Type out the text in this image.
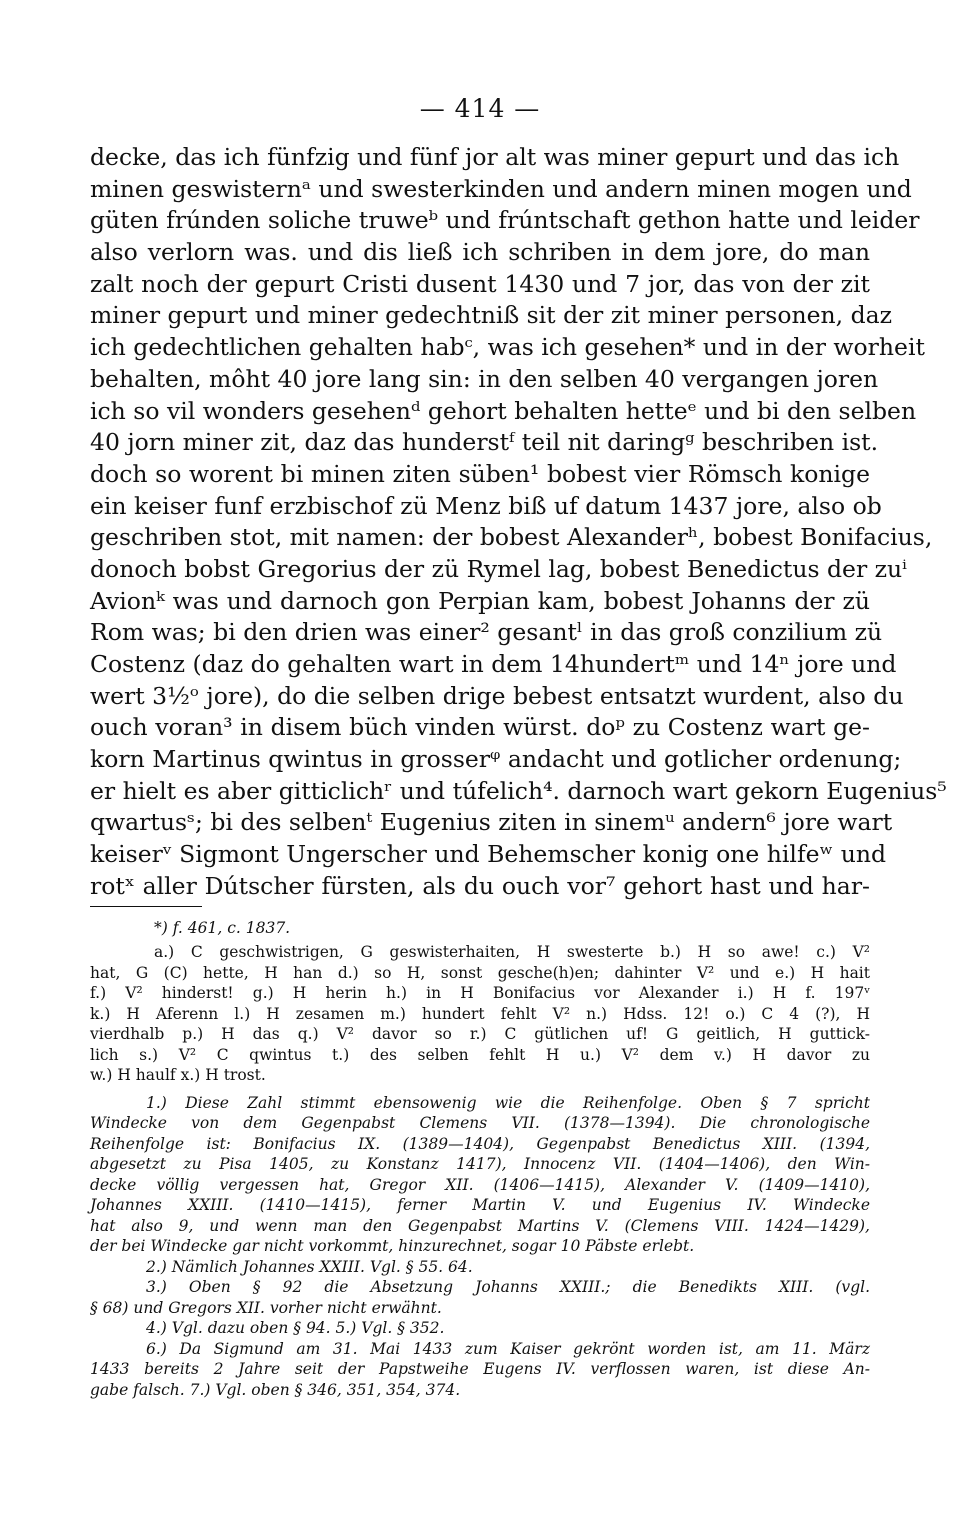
— 414 —
decke, das ich fünfzig und fünf jor alt was miner gepurt und das ich
minen geswisternᵃ und swesterkinden und andern minen mogen und
güten frúnden soliche truweᵇ und frúntschaft gethon hatte und leider
also verlorn was. und dis ließ ich schriben in dem jore, do man
zalt noch der gepurt Cristi dusent 1430 und 7 jor, das von der zit
miner gepurt und miner gedechtniß sit der zit miner personen, daz
ich gedechtlichen gehalten habᶜ, was ich gesehen* und in der worheit
behalten, môht 40 jore lang sin: in den selben 40 vergangen joren
ich so vil wonders gesehenᵈ gehort behalten hetteᵉ und bi den selben
40 jorn miner zit, daz das hunderstᶠ teil nit daringᵍ beschriben ist.
doch so worent bi minen ziten süben¹ bobest vier Römsch konige
ein keiser funf erzbischof zü Menz biß uf datum 1437 jore, also ob
geschriben stot, mit namen: der bobest Alexanderʰ, bobest Bonifacius,
donoch bobst Gregorius der zü Rymel lag, bobest Benedictus der zuⁱ
Avionᵏ was und darnoch gon Perpian kam, bobest Johanns der zü
Rom was; bi den drien was einer² gesantˡ in das groß conzilium zü
Costenz (daz do gehalten wart in dem 14hundertᵐ und 14ⁿ jore und
wert 3½ᵒ jore), do die selben drige bebest entsatzt wurdent, also du
ouch voran³ in disem büch vinden würst. doᵖ zu Costenz wart ge-
korn Martinus qwintus in grosserᵠ andacht und gotlicher ordenung;
er hielt es aber gitticlichʳ und túfelich⁴. darnoch wart gekorn Eugenius⁵
qwartusˢ; bi des selbenᵗ Eugenius ziten in sinemᵘ andern⁶ jore wart
keiserᵛ Sigmont Ungerscher und Behemscher konig one hilfeʷ und
rotˣ aller Dútscher fürsten, als du ouch vor⁷ gehort hast und har-
*) f. 461, c. 1837.
a.) C geschwistrigen, G geswisterhaiten, H swesterte b.) H so awe! c.) V²
hat, G (C) hette, H han d.) so H, sonst gesche(h)en; dahinter V² und e.) H hait
f.) V² hinderst! g.) H herin h.) in H Bonifacius vor Alexander i.) H f. 197ᵛ
k.) H Aferenn l.) H zesamen m.) hundert fehlt V² n.) Hdss. 12! o.) C 4 (?), H
vierdhalb p.) H das q.) V² davor so r.) C gütlichen uf! G geitlich, H guttick-
lich s.) V² C qwintus t.) des selben fehlt H u.) V² dem v.) H davor zu
w.) H haulf x.) H trost.
1.) Diese Zahl stimmt ebensowenig wie die Reihenfolge. Oben § 7 spricht
Windecke von dem Gegenpabst Clemens VII. (1378—1394). Die chronologische
Reihenfolge ist: Bonifacius IX. (1389—1404), Gegenpabst Benedictus XIII. (1394,
abgesetzt zu Pisa 1405, zu Konstanz 1417), Innocenz VII. (1404—1406), den Win-
decke völlig vergessen hat, Gregor XII. (1406—1415), Alexander V. (1409—1410),
Johannes XXIII. (1410—1415), ferner Martin V. und Eugenius IV. Windecke
hat also 9, und wenn man den Gegenpabst Martins V. (Clemens VIII. 1424—1429),
der bei Windecke gar nicht vorkommt, hinzurechnet, sogar 10 Päbste erlebt.
2.) Nämlich Johannes XXIII. Vgl. § 55. 64.
3.) Oben § 92 die Absetzung Johanns XXIII.; die Benedikts XIII. (vgl.
§ 68) und Gregors XII. vorher nicht erwähnt.
4.) Vgl. dazu oben § 94. 5.) Vgl. § 352.
6.) Da Sigmund am 31. Mai 1433 zum Kaiser gekrönt worden ist, am 11. März
1433 bereits 2 Jahre seit der Papstweihe Eugens IV. verflossen waren, ist diese An-
gabe falsch. 7.) Vgl. oben § 346, 351, 354, 374.
